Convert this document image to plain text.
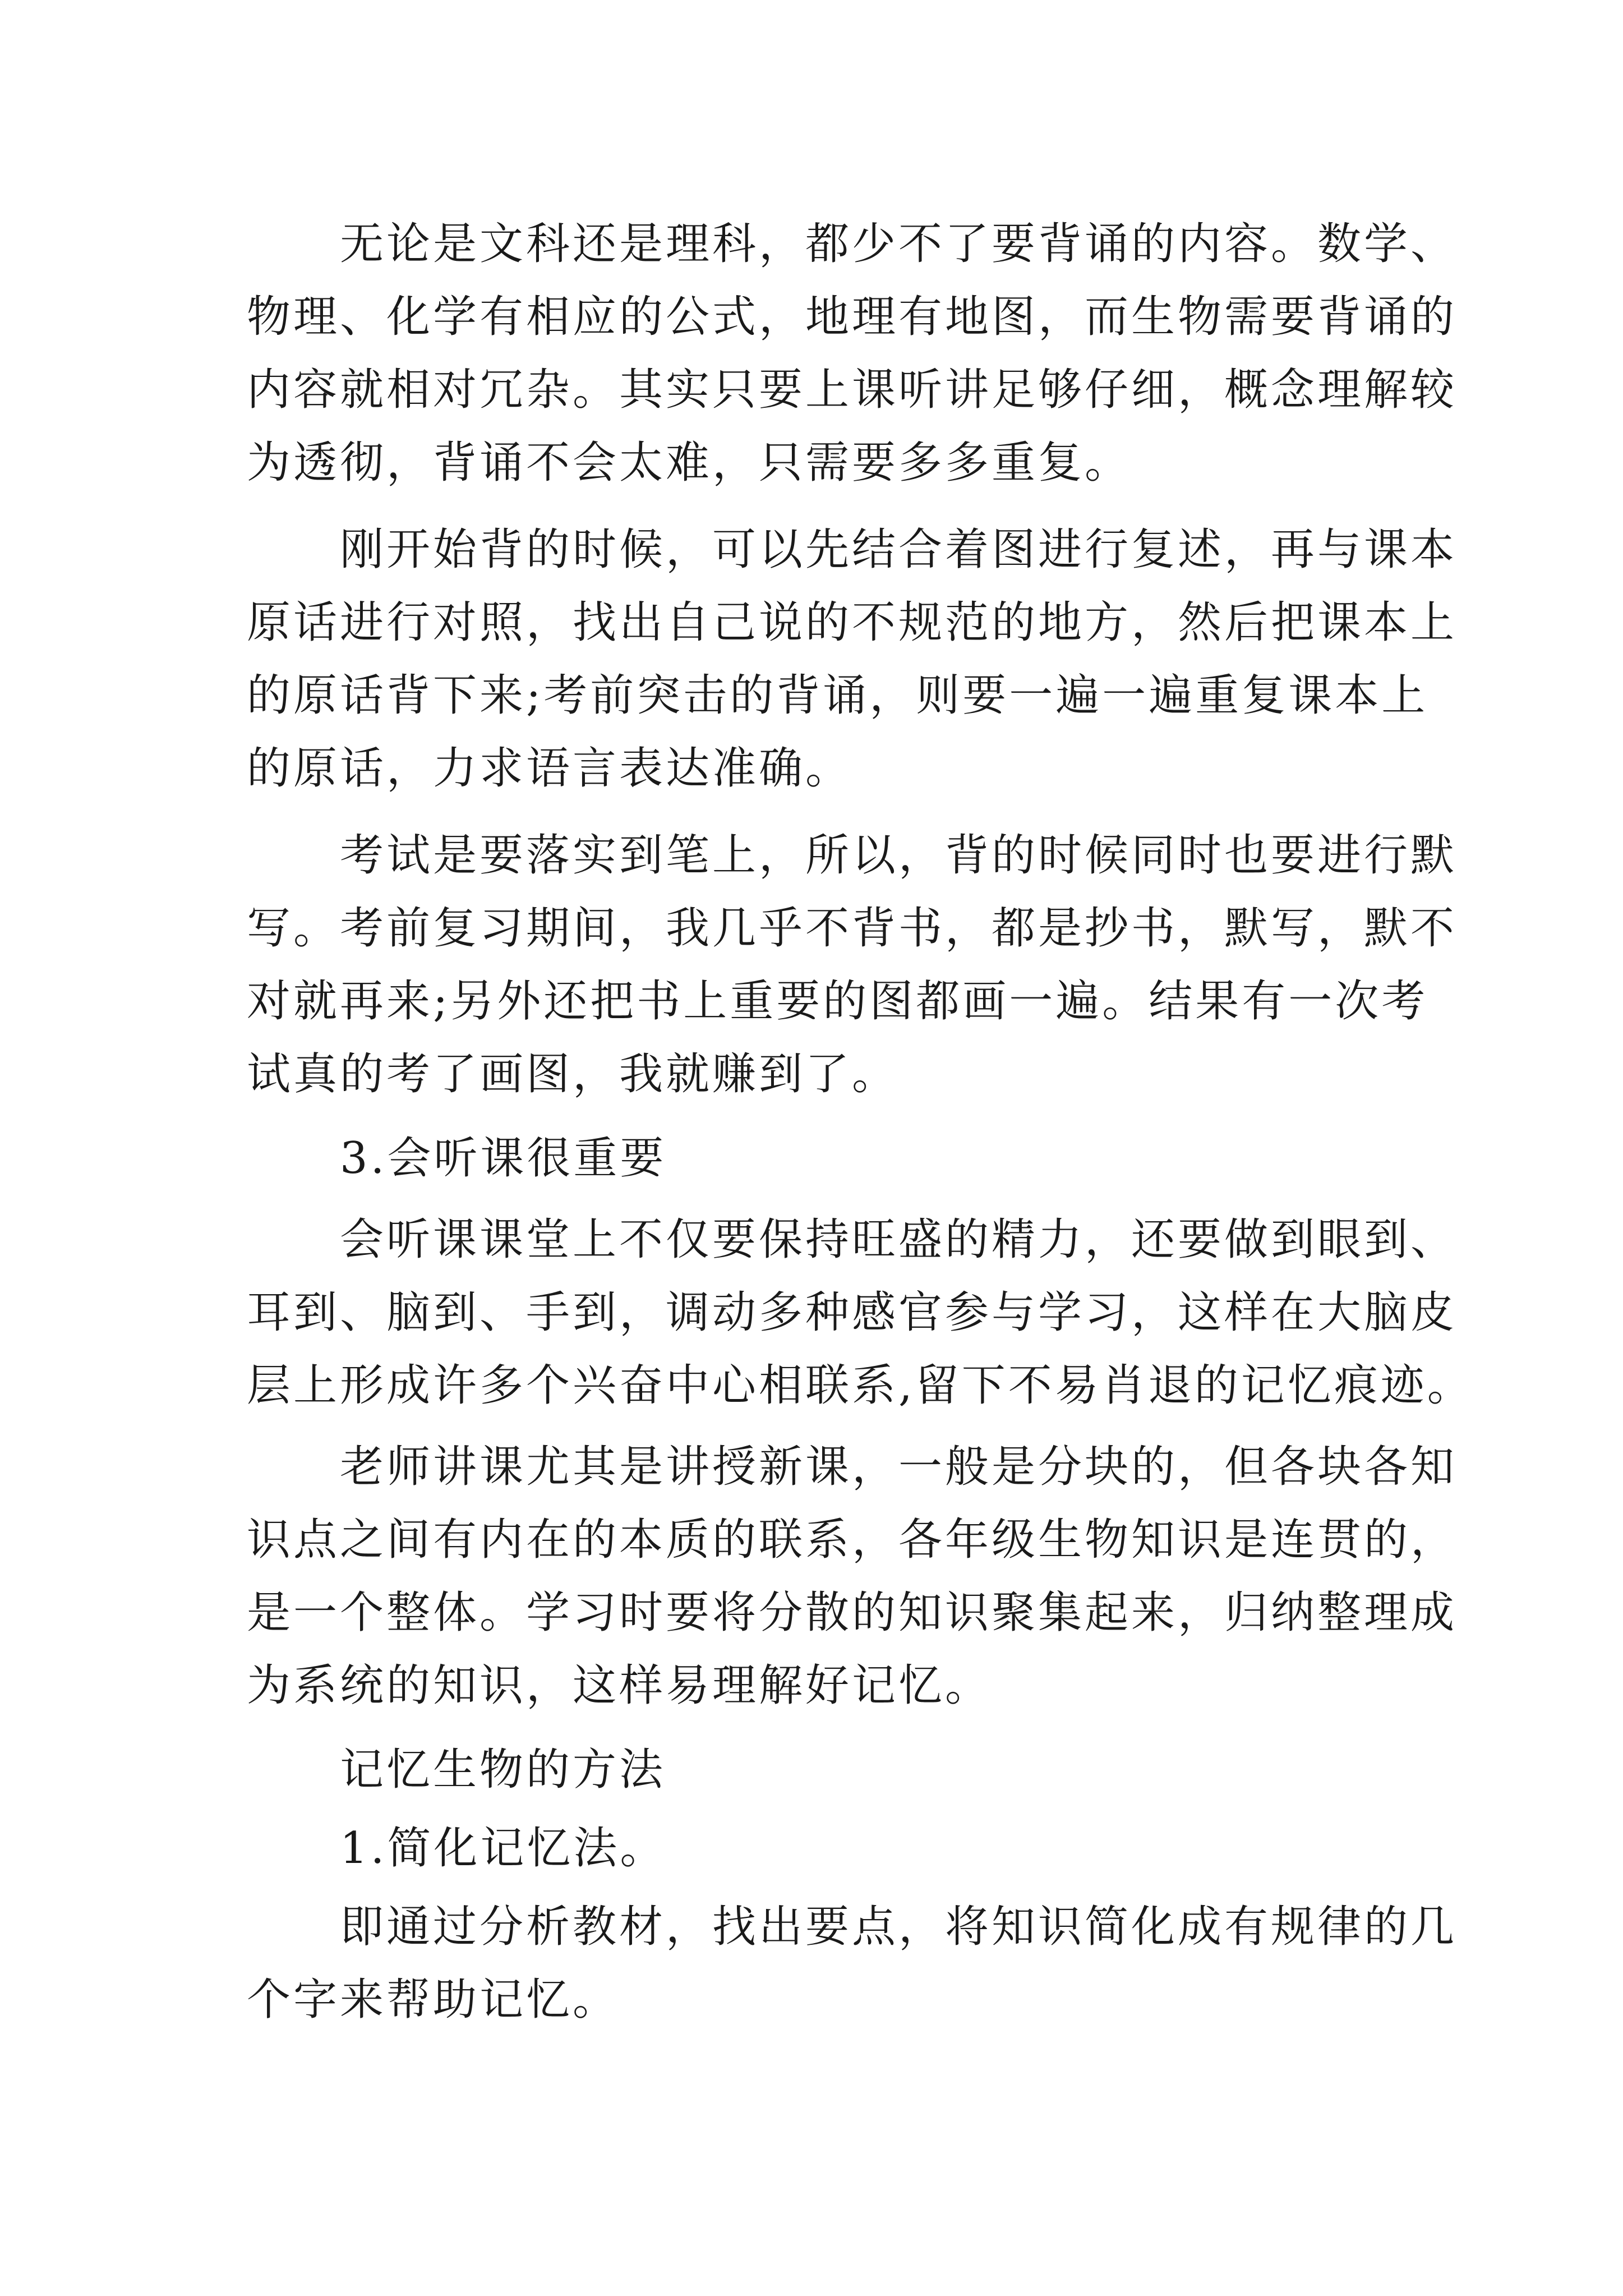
　　无论是文科还是理科，都少不了要背诵的内容。数学、
物理、化学有相应的公式，地理有地图，而生物需要背诵的
内容就相对冗杂。其实只要上课听讲足够仔细，概念理解较
为透彻，背诵不会太难，只需要多多重复。
　　刚开始背的时候，可以先结合着图进行复述，再与课本
原话进行对照，找出自己说的不规范的地方，然后把课本上
的原话背下来;考前突击的背诵，则要一遍一遍重复课本上
的原话，力求语言表达准确。
　　考试是要落实到笔上，所以，背的时候同时也要进行默
写。考前复习期间，我几乎不背书，都是抄书，默写，默不
对就再来;另外还把书上重要的图都画一遍。结果有一次考
试真的考了画图，我就赚到了。
　　3.会听课很重要
　　会听课课堂上不仅要保持旺盛的精力，还要做到眼到、
耳到、脑到、手到，调动多种感官参与学习，这样在大脑皮
层上形成许多个兴奋中心相联系,留下不易肖退的记忆痕迹。
　　老师讲课尤其是讲授新课，一般是分块的，但各块各知
识点之间有内在的本质的联系，各年级生物知识是连贯的，
是一个整体。学习时要将分散的知识聚集起来，归纳整理成
为系统的知识，这样易理解好记忆。
　　记忆生物的方法
　　1.简化记忆法。
　　即通过分析教材，找出要点，将知识简化成有规律的几
个字来帮助记忆。
